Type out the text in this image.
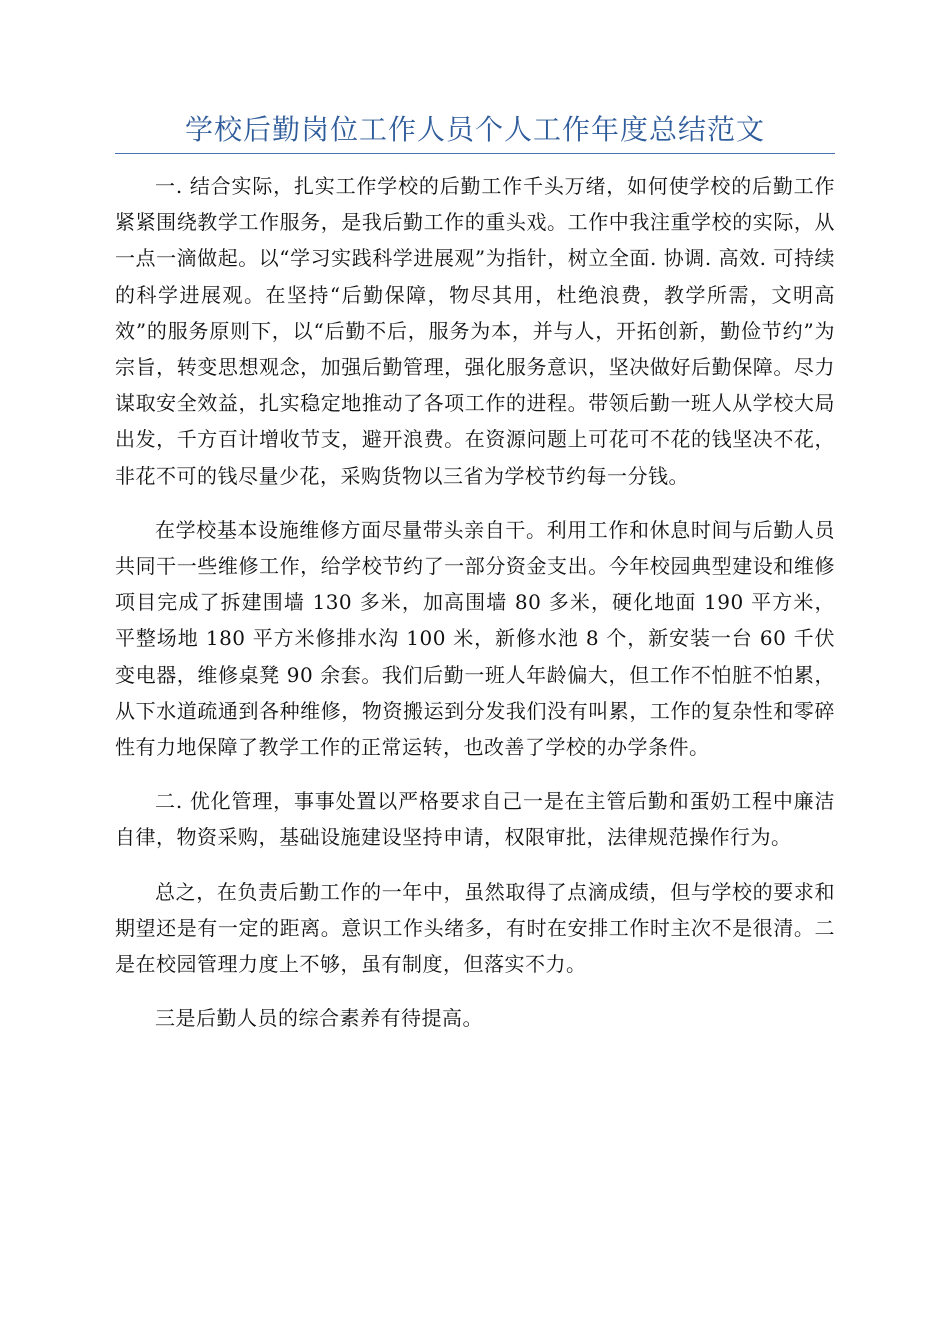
学校后勤岗位工作人员个人工作年度总结范文

一. 结合实际，扎实工作学校的后勤工作千头万绪，如何使学校的后勤工作紧紧围绕教学工作服务，是我后勤工作的重头戏。工作中我注重学校的实际，从一点一滴做起。以“学习实践科学进展观”为指针，树立全面. 协调. 高效. 可持续的科学进展观。在坚持“后勤保障，物尽其用，杜绝浪费，教学所需，文明高效”的服务原则下，以“后勤不后，服务为本，并与人，开拓创新，勤俭节约”为宗旨，转变思想观念，加强后勤管理，强化服务意识，坚决做好后勤保障。尽力谋取安全效益，扎实稳定地推动了各项工作的进程。带领后勤一班人从学校大局出发，千方百计增收节支，避开浪费。在资源问题上可花可不花的钱坚决不花，非花不可的钱尽量少花，采购货物以三省为学校节约每一分钱。

在学校基本设施维修方面尽量带头亲自干。利用工作和休息时间与后勤人员共同干一些维修工作，给学校节约了一部分资金支出。今年校园典型建设和维修项目完成了拆建围墙 130 多米，加高围墙 80 多米，硬化地面 190 平方米，平整场地 180 平方米修排水沟 100 米，新修水池 8 个，新安装一台 60 千伏变电器，维修桌凳 90 余套。我们后勤一班人年龄偏大，但工作不怕脏不怕累，从下水道疏通到各种维修，物资搬运到分发我们没有叫累，工作的复杂性和零碎性有力地保障了教学工作的正常运转，也改善了学校的办学条件。

二. 优化管理，事事处置以严格要求自己一是在主管后勤和蛋奶工程中廉洁自律，物资采购，基础设施建设坚持申请，权限审批，法律规范操作行为。

总之，在负责后勤工作的一年中，虽然取得了点滴成绩，但与学校的要求和期望还是有一定的距离。意识工作头绪多，有时在安排工作时主次不是很清。二是在校园管理力度上不够，虽有制度，但落实不力。

三是后勤人员的综合素养有待提高。
